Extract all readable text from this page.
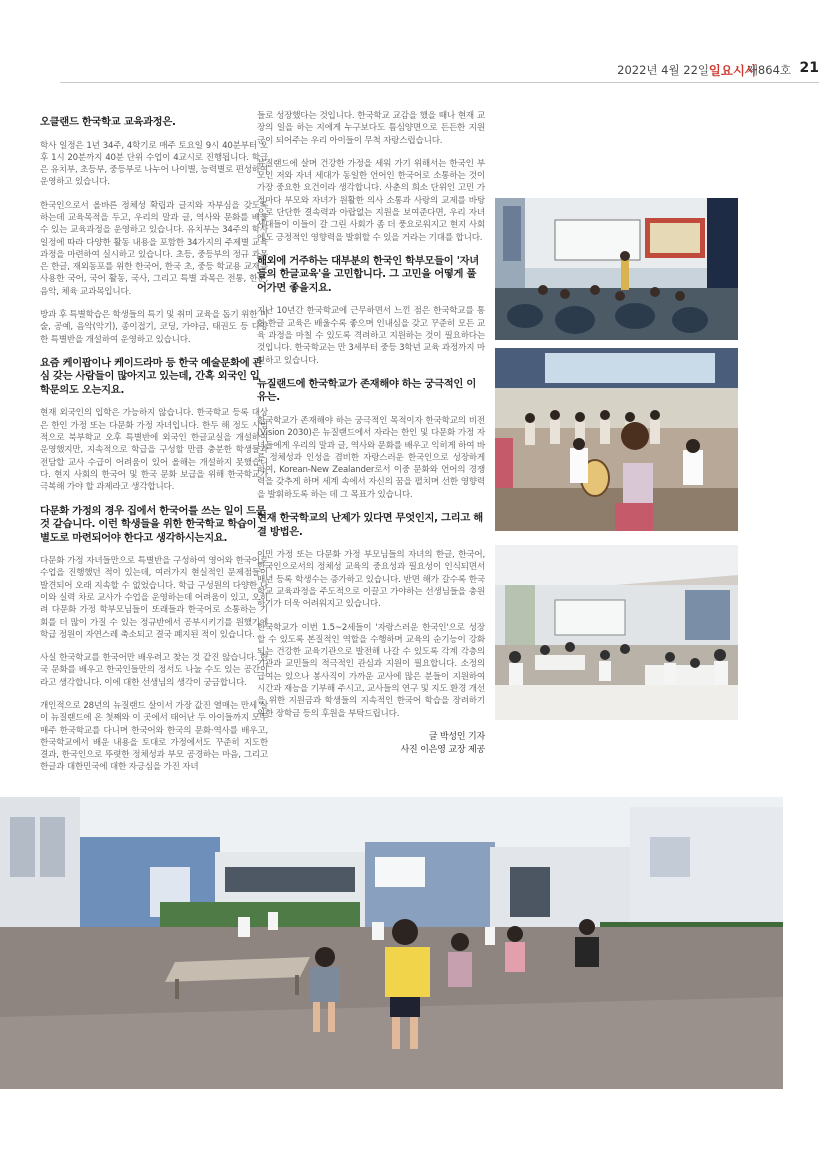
2022년 4월 22일 일요시사
제864호 21
오클랜드 한국학교 교육과정은.

학사 일정은 1년 34주, 4학기로 매주 토요일 9시 40분부터 오후 1시 20분까지 40분 단위 수업이 4교시로 진행됩니다. 학급은 유치부, 초등부, 중등부로 나누어 나이별, 능력별로 편성하여 운영하고 있습니다.

한국인으로서 올바른 정체성 확립과 글지와 자부심을 갖도록 하는데 교육목적을 두고, 우리의 말과 글, 역사와 문화를 배울 수 있는 교육과정을 운영하고 있습니다. 유치부는 34주의 학사 일정에 따라 다양한 활동 내용을 포함한 34가지의 주제별 교육과정을 마련하여 실시하고 있습니다. 초등, 중등부의 정규 과목은 한글, 재외동포를 위한 한국어, 한국 초, 중등 학교용 교재를 사용한 국어, 국어 활동, 국사, 그리고 특별 과목은 전통, 한문, 음악, 체육 교과목입니다.

방과 후 특별학습은 학생들의 특기 및 취미 교육을 돕기 위한 미술, 공예, 음악(악기), 종이접기, 코딩, 가야금, 태권도 등 다양한 특별반을 개설하여 운영하고 있습니다.

요즘 케이팝이나 케이드라마 등 한국 예술문화에 관심 갖는 사람들이 많아지고 있는데, 간혹 외국인 입학문의도 오는지요.

현재 외국인의 입학은 가능하지 않습니다. 한국학교 등록 대상은 한인 가정 또는 다문화 가정 자녀입니다. 한두 해 정도 시범적으로 북부학교 오후 특별반에 외국인 한글교실을 개설하여 운영했지만, 지속적으로 학급을 구성할 만큼 충분한 학생들과 전담할 교사 수급이 어려움이 있어 올해는 개설하지 못했습니다. 현지 사회의 한국어 및 한국 문화 보급을 위해 한국학교가 극복해 가야 할 과제라고 생각합니다.

다문화 가정의 경우 집에서 한국어를 쓰는 일이 드문 것 같습니다. 이런 학생들을 위한 한국학교 학습이 별도로 마련되어야 한다고 생각하시는지요.

다문화 가정 자녀들만으로 특별반을 구성하여 영어와 한국어로 수업을 진행했던 적이 있는데, 여러가지 현실적인 문제점들이 발견되어 오래 지속할 수 없었습니다. 학급 구성원의 다양한 나이와 실력 차로 교사가 수업을 운영하는데 어려움이 있고, 오히려 다문화 가정 학부모님들이 또래들과 한국어로 소통하는 기회를 더 많이 가질 수 있는 정규반에서 공부시키기를 원했기에 학급 정원이 자연스레 축소되고 결국 폐지된 적이 있습니다.

사실 한국학교를 한국어만 배우려고 찾는 것 같진 않습니다. 한국 문화를 배우고 한국인들만의 정서도 나눌 수도 있는 공간이라고 생각합니다. 이에 대한 선생님의 생각이 궁금합니다.

개인적으로 28년의 뉴질랜드 살이서 가장 값진 열매는 만세 살이 뉴질랜드에 온 첫째와 이 곳에서 태어난 두 아이들까지 모두 매주 한국학교를 다니며 한국어와 한국의 문화·역사를 배우고, 한국학교에서 배운 내용을 토대로 가정에서도 꾸준히 지도한 결과, 한국인으로 뚜렷한 정체성과 부모 공경하는 마음, 그리고 한글과 대한민국에 대한 자긍심을 가진 자녀

들로 성장했다는 것입니다. 한국학교 교감을 했을 때나 현재 교장의 일을 하는 지에게 누구보다도 틈심양면으로 든든한 지원군이 되어주는 우리 아이들이 무척 자랑스럽습니다.

뉴질랜드에 살며 건강한 가정을 세워 가기 위해서는 한국인 부모인 저와 자녀 세대가 동일한 언어인 한국어로 소통하는 것이 가장 중요한 요건이라 생각합니다. 사춘의 희소 단위인 고민 가정마다 부모와 자녀가 원활한 의사 소통과 사랑의 교제를 바탕으로 단단한 결속력과 아랍없는 지원을 보여준다면, 우리 자녀 세대들이 이들이 갈 그린 사회가 좀 더 풍요로워지고 현지 사회에도 긍정적인 영향력을 발휘할 수 있을 거라는 기대를 합니다.

해외에 거주하는 대부분의 한국인 학부모들이 '자녀들의 한글교육'을 고민합니다. 그 고민을 어떻게 풀어가면 좋을지요.

지난 10년간 한국학교에 근무하면서 느낀 점은 한국학교를 통한 한글 교육은 배울수록 좋으며 인내심을 갖고 꾸준히 모든 교육 과정을 마칠 수 있도록 격려하고 지원하는 것이 필요하다는 것입니다. 한국학교는 만 3세부터 중등 3학년 교육 과정까지 마련하고 있습니다.

뉴질랜드에 한국학교가 존재해야 하는 궁극적인 이유는.

한국학교가 존재해야 하는 궁극적인 목적이자 한국학교의 비전(Vision 2030)은 뉴질랜드에서 자라는 한인 및 다문화 가정 자녀들에게 우리의 말과 글, 역사와 문화를 배우고 익히게 하여 바른 정체성과 인성을 겸비한 자랑스러운 한국인으로 성장하게 하여, Korean-New Zealander로서 이중 문화와 언어의 경쟁력을 갖추게 하며 세계 속에서 자신의 꿈을 펼치며 선한 영향력을 발휘하도록 하는 데 그 목표가 있습니다.

현재 한국학교의 난제가 있다면 무엇인지, 그리고 해결 방법은.

이민 가정 또는 다문화 가정 부모님들의 자녀의 한글, 한국어, 한국인으로서의 정체성 교육의 중요성과 필요성이 인식되면서 매년 등록 학생수는 증가하고 있습니다. 반면 해가 갈수록 한국학교 교육과정을 주도적으로 이끌고 가야하는 선생님들을 충원하기가 더욱 어려워지고 있습니다.

한국학교가 이번 1.5~2세들이 '자랑스러운 한국인'으로 성장할 수 있도록 본질적인 역할을 수행하며 교육의 순기능이 강화되는 건강한 교육기관으로 발전해 나갈 수 있도록 각계 각층의 기관과 교민들의 적극적인 관심과 지원이 필요합니다. 소정의 급여는 있으나 봉사직이 가까운 교사에 많은 분들이 지원하여 시간과 재능을 기부해 주시고, 교사들의 연구 및 지도 환경 개선을 위한 지원금과 학생들의 지속적인 한국어 학습을 장려하기 위한 장학금 등의 후원을 부탁드립니다.

글 박성인 기자
사진 이은영 교장 제공
